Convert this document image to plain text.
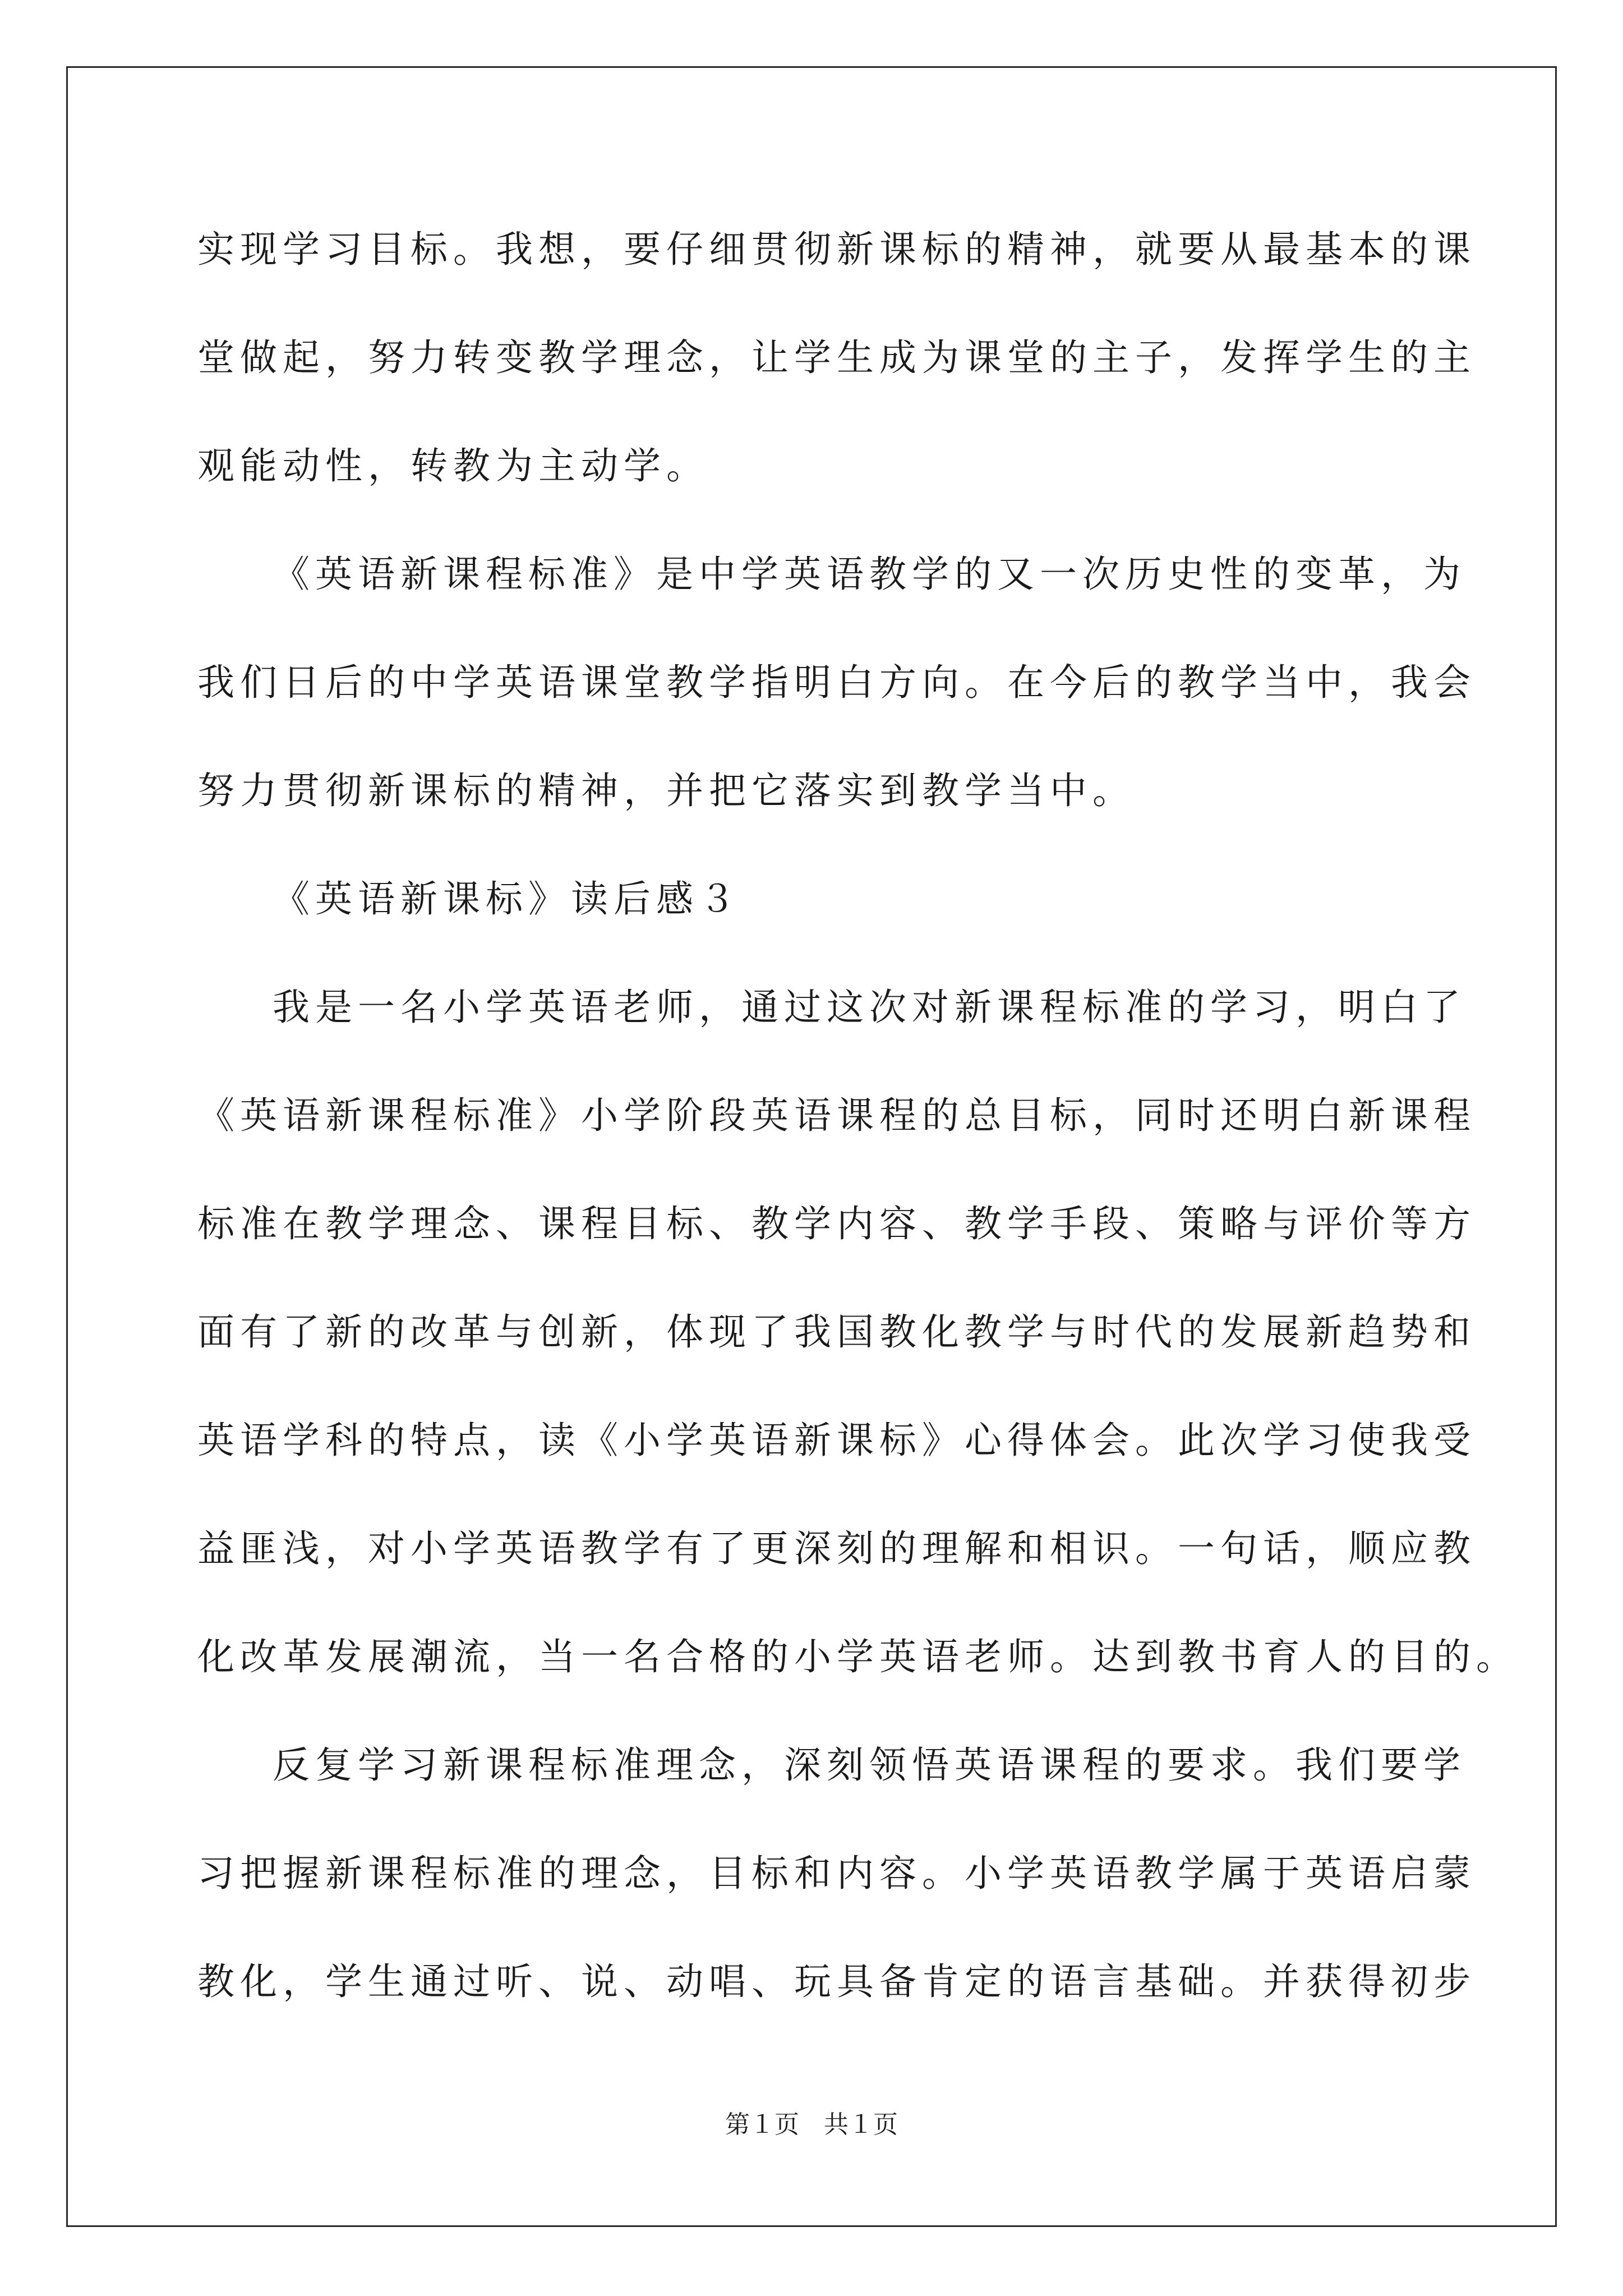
实现学习目标。我想，要仔细贯彻新课标的精神，就要从最基本的课
堂做起，努力转变教学理念，让学生成为课堂的主子，发挥学生的主
观能动性，转教为主动学。
《英语新课程标准》是中学英语教学的又一次历史性的变革，为
我们日后的中学英语课堂教学指明白方向。在今后的教学当中，我会
努力贯彻新课标的精神，并把它落实到教学当中。
《英语新课标》读后感３
我是一名小学英语老师，通过这次对新课程标准的学习，明白了
《英语新课程标准》小学阶段英语课程的总目标，同时还明白新课程
标准在教学理念、课程目标、教学内容、教学手段、策略与评价等方
面有了新的改革与创新，体现了我国教化教学与时代的发展新趋势和
英语学科的特点，读《小学英语新课标》心得体会。此次学习使我受
益匪浅，对小学英语教学有了更深刻的理解和相识。一句话，顺应教
化改革发展潮流，当一名合格的小学英语老师。达到教书育人的目的。
反复学习新课程标准理念，深刻领悟英语课程的要求。我们要学
习把握新课程标准的理念，目标和内容。小学英语教学属于英语启蒙
教化，学生通过听、说、动唱、玩具备肯定的语言基础。并获得初步
第１页　共１页
